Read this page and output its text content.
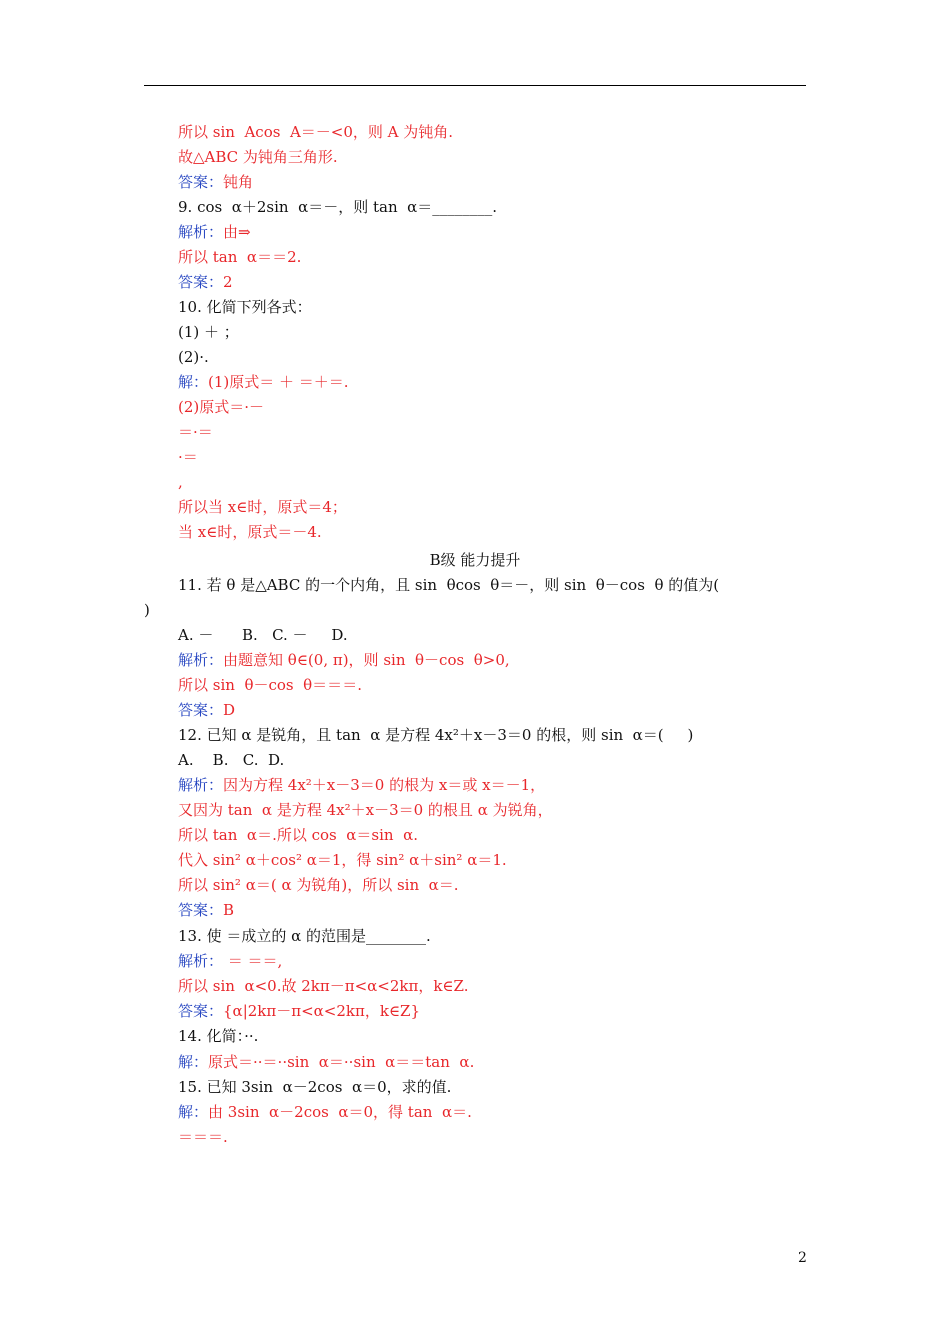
所以 sin  Acos  A＝－<0，则 A 为钝角.
故△ABC 为钝角三角形.
答案：钝角
9. cos  α＋2sin  α＝－，则 tan  α＝________.
解析：由⇒
所以 tan  α＝＝2.
答案：2
10. 化简下列各式：
(1) ＋ ；
(2)·.
解：(1)原式＝ ＋ ＝＋＝.
(2)原式＝·－
＝·＝
·＝
,
所以当 x∈时，原式＝4；
当 x∈时，原式＝－4.
11. 若 θ 是△ABC 的一个内角，且 sin  θcos  θ＝－，则 sin  θ－cos  θ 的值为(
)
A. －      B.   C. －     D.
解析：由题意知 θ∈(0, π)，则 sin  θ－cos  θ>0,
所以 sin  θ－cos  θ＝＝＝.
答案：D
12. 已知 α 是锐角，且 tan  α 是方程 4x²＋x－3＝0 的根，则 sin  α＝(     )
A.    B.   C.  D.
解析：因为方程 4x²＋x－3＝0 的根为 x＝或 x＝－1，
又因为 tan  α 是方程 4x²＋x－3＝0 的根且 α 为锐角，
所以 tan  α＝.所以 cos  α＝sin  α.
代入 sin² α＋cos² α＝1，得 sin² α＋sin² α＝1.
所以 sin² α＝( α 为锐角)，所以 sin  α＝.
答案：B
13. 使 ＝成立的 α 的范围是________.
解析： ＝ ＝＝,
所以 sin  α<0.故 2kπ－π<α<2kπ，k∈Z.
答案：{α|2kπ－π<α<2kπ，k∈Z}
14. 化简：··.
解：原式＝··＝··sin  α＝··sin  α＝＝tan  α.
15. 已知 3sin  α－2cos  α＝0，求的值.
解：由 3sin  α－2cos  α＝0，得 tan  α＝.
＝＝＝.
B级 能力提升
2
